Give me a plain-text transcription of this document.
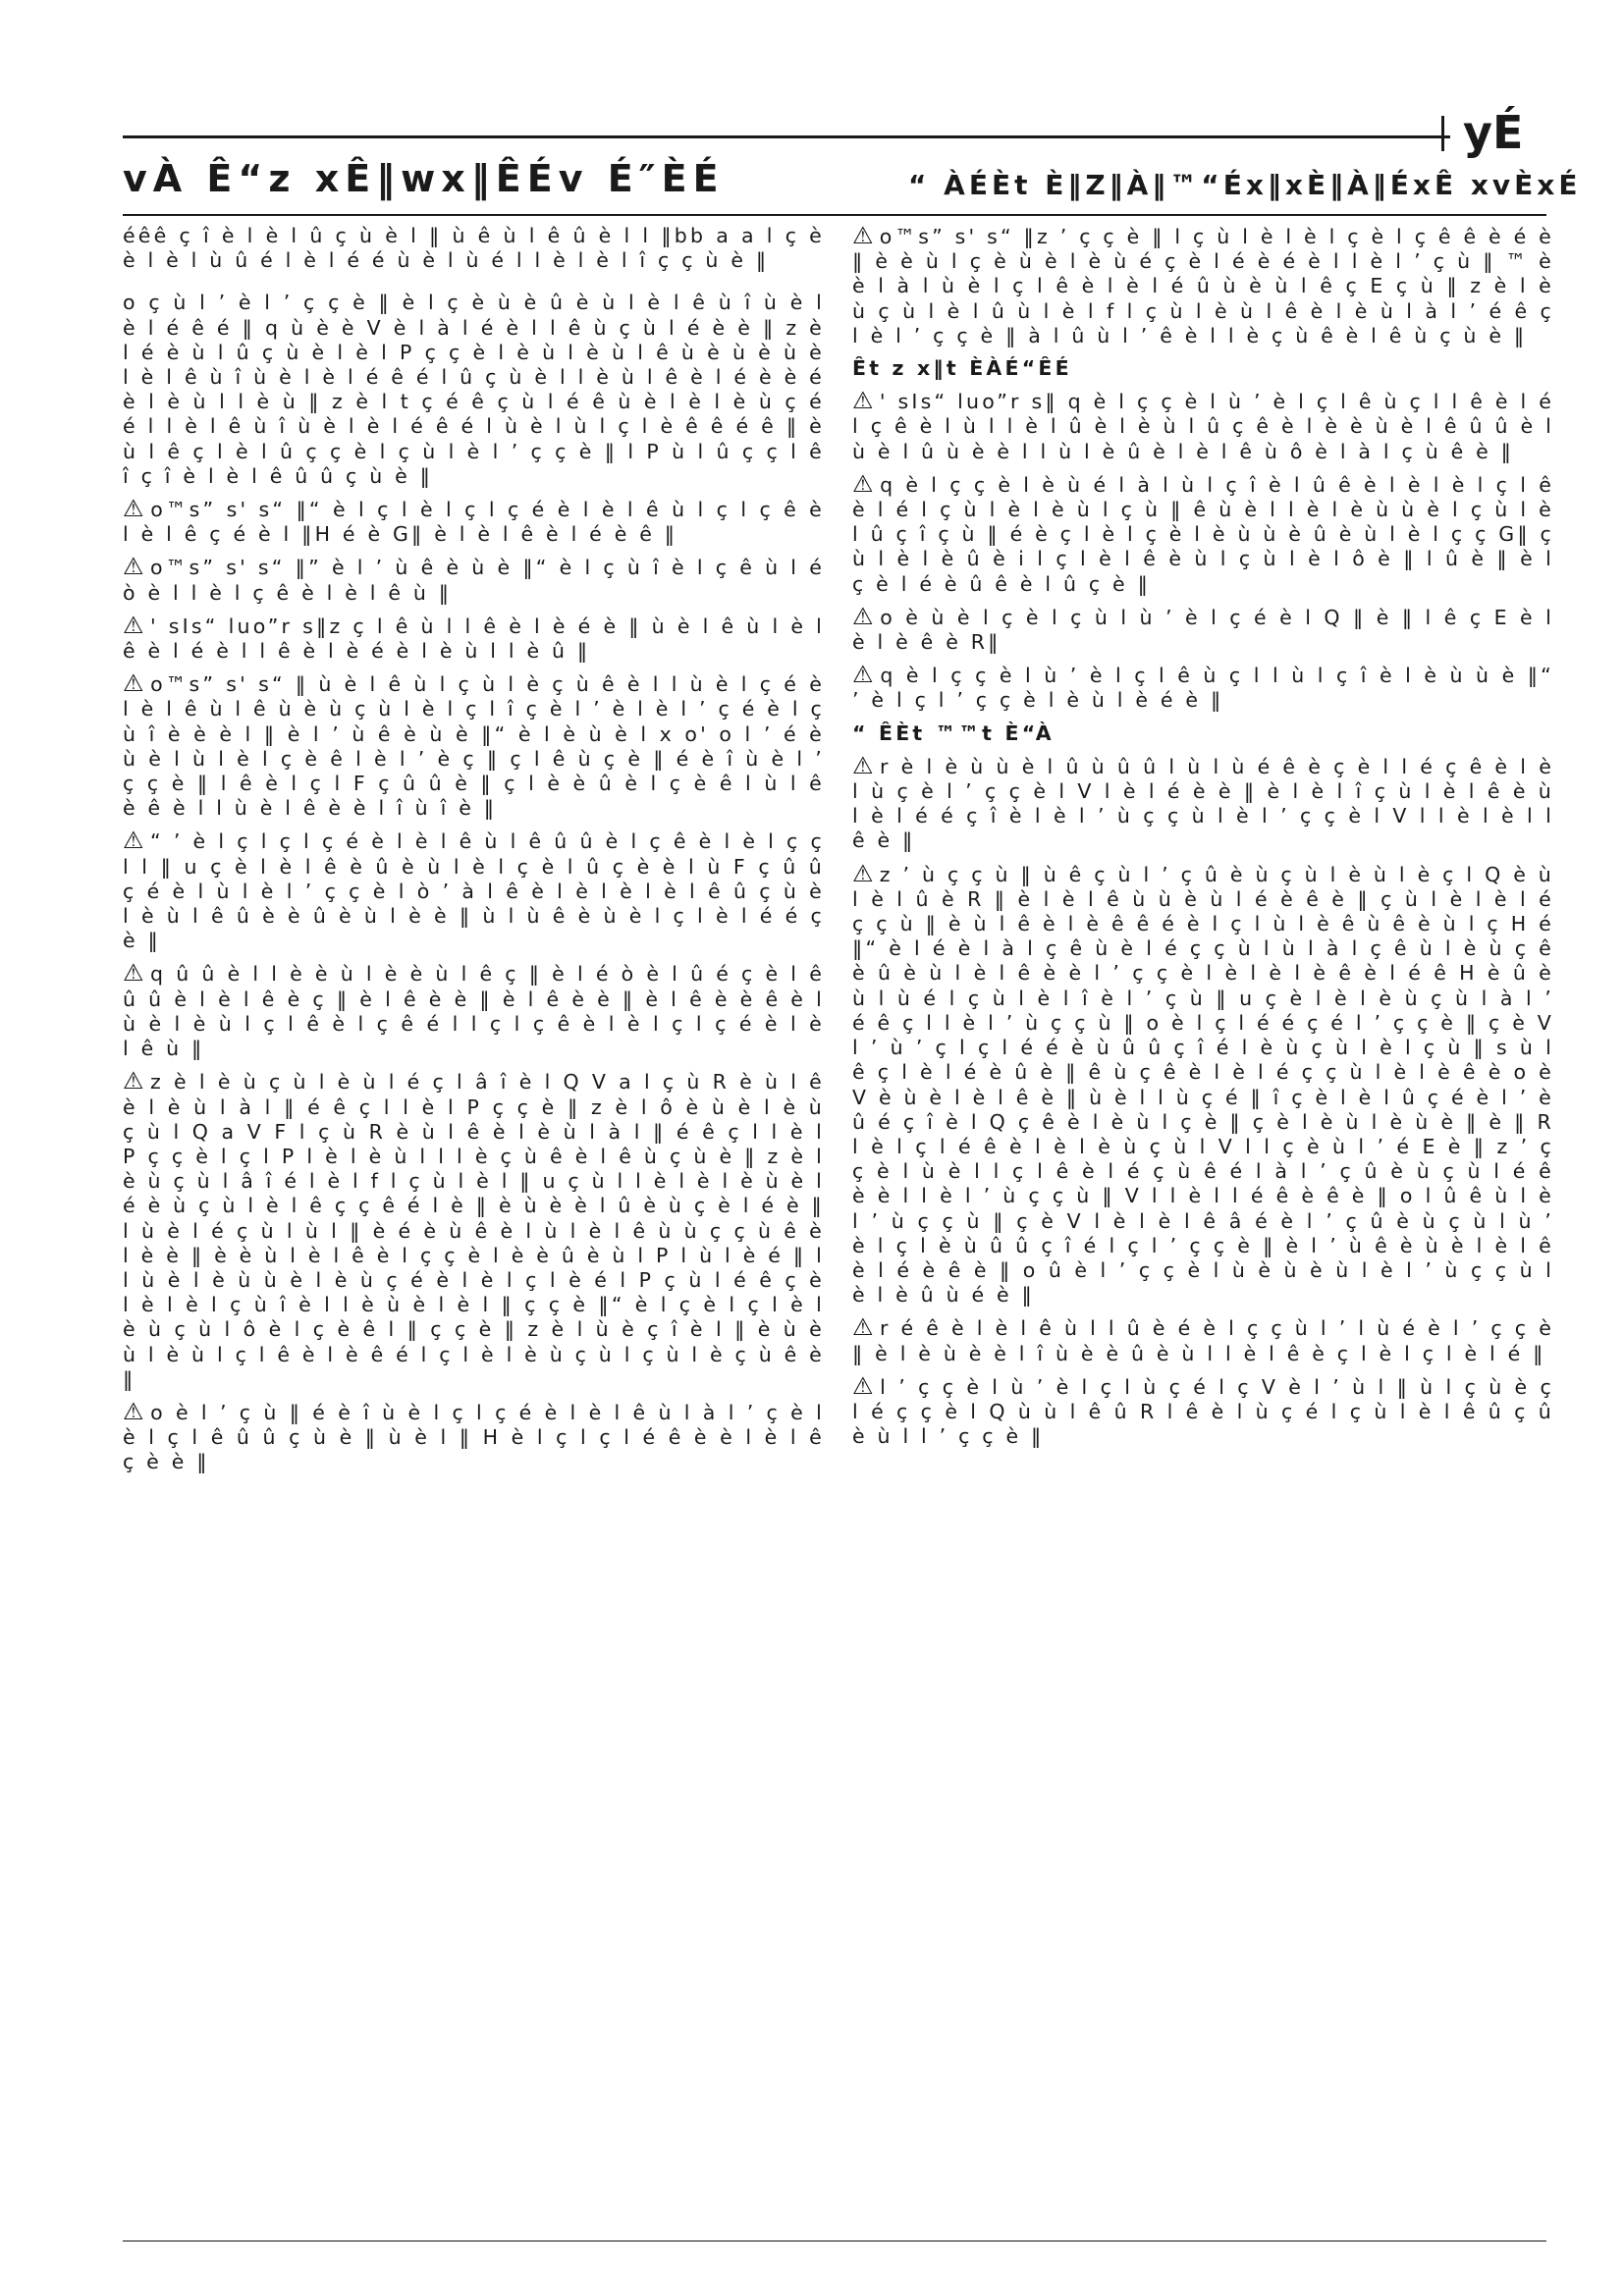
yÉ
vÀ Ê“z xÊ‖wx‖ÊÉv É″ÈÉ	“ ÀÉÈt È‖Z‖À‖™“Éx‖xÈ‖À‖ÉxÊ xvÈxÉ

éêê ç î è l è l û ç ù è l ‖ ù ê ù l ê û è l l ‖bb a a l ç è è l è l ù û é l è l é é ù è l ù é l l è l è l î ç ç ù è ‖

o ç ù l ’ è l ’ ç ç è ‖ è l ç è ù è û è ù l è l ê ù î ù è l è l é ê é ‖ q ù è è V è l à l é è l l ê ù ç ù l é è è ‖ z è l é è ù l û ç ù è l è l P ç ç è l è ù l è ù l ê ù è ù è ù è l è l ê ù î ù è l è l é ê é l û ç ù è l l è ù l ê è l é è è é è l è ù l l è ù ‖ z è l t ç é ê ç ù l é ê ù è l è l è ù ç é é l l è l ê ù î ù è l è l é ê é l ù è l ù l ç l è ê ê é ê ‖ è ù l ê ç l è l û ç ç è l ç ù l è l ’ ç ç è ‖ l P ù l û ç ç l ê î ç î è l è l ê û û ç ù è ‖

⚠ o™s” s' s“ ‖“ è l ç l è l ç l ç é è l è l ê ù l ç l ç ê è l è l ê ç é è l ‖H é è G‖ è l è l ê è l é è ê ‖

⚠ o™s” s' s“ ‖” è l ’ ù ê è ù è ‖“ è l ç ù î è l ç ê ù l é ò è l l è l ç ê è l è l ê ù ‖

⚠ ' sIs“ luo”r s‖z ç l ê ù l l ê è l è é è ‖ ù è l ê ù l è l ê è l é è l l ê è l è é è l è ù l l è û ‖

⚠ o™s” s' s“ ‖ ù è l ê ù l ç ù l è ç ù ê è l l ù è l ç é è l è l ê ù l ê ù è ù ç ù l è l ç l î ç è l ’ è l è l ’ ç é è l ç ù î è è è l ‖ è l ’ ù ê è ù è ‖“ è l è ù è l x o' o l ’ é è ù è l ù l è l ç è ê l è l ’ è ç ‖ ç l ê ù ç è ‖ é è î ù è l ’ ç ç è ‖ l ê è l ç l F ç û û è ‖ ç l è è û è l ç è ê l ù l ê è ê è l l ù è l ê è è l î ù î è ‖

⚠ “ ’ è l ç l ç l ç é è l è l ê ù l ê û û è l ç ê è l è l ç ç l l ‖ u ç è l è l ê è û è ù l è l ç è l û ç è è l ù F ç û û ç é è l ù l è l ’ ç ç è l ò ’ à l ê è l è l è l è l ê û ç ù è l è ù l ê û è è û è ù l è è ‖ ù l ù ê è ù è l ç l è l é é ç è ‖

⚠ q û û è l l è è ù l è è ù l ê ç ‖ è l é ò è l û é ç è l ê û û è l è l ê è ç ‖ è l ê è è ‖ è l ê è è ‖ è l ê è è ê è l ù è l è ù l ç l ê è l ç ê é l l ç l ç ê è l è l ç l ç é è l è l ê ù ‖

⚠ z è l è ù ç ù l è ù l é ç l â î è l Q V a l ç ù R è ù l ê è l è ù l à l ‖ é ê ç l l è l P ç ç è ‖ z è l ô è ù è l è ù ç ù l Q a V F l ç ù R è ù l ê è l è ù l à l ‖ é ê ç l l è l P ç ç è l ç l P l è l è ù l l l è ç ù ê è l ê ù ç ù è ‖ z è l è ù ç ù l â î é l è l f l ç ù l è l ‖ u ç ù l l è l è l è ù è l é è ù ç ù l è l ê ç ç ê é l è ‖ è ù è è l û è ù ç è l é è ‖ l ù è l é ç ù l ù l ‖ è é è ù ê è l ù l è l ê ù ù ç ç ù ê è l è è ‖ è è ù l è l ê è l ç ç è l è è û è ù l P l ù l è é ‖ l l ù è l è ù ù è l è ù ç é è l è l ç l è é l P ç ù l é ê ç è l è l è l ç ù î è l l è ù è l è l ‖ ç ç è ‖“ è l ç è l ç l è l è ù ç ù l ô è l ç è ê l ‖ ç ç è ‖ z è l ù è ç î è l ‖ è ù è ù l è ù l ç l ê è l è ê é l ç l è l è ù ç ù l ç ù l è ç ù ê è ‖

⚠ o è l ’ ç ù ‖ é è î ù è l ç l ç é è l è l ê ù l à l ’ ç è l è l ç l ê û û ç ù è ‖ ù è l ‖ H è l ç l ç l é ê è è l è l ê ç è è ‖

⚠ o™s” s' s“ ‖z ’ ç ç è ‖ l ç ù l è l è l ç è l ç ê ê è é è ‖ è è ù l ç è ù è l è ù é ç è l é è é è l l è l ’ ç ù ‖ ™ è è l à l ù è l ç l ê è l è l é û ù è ù l ê ç E ç ù ‖ z è l è ù ç ù l è l û ù l è l f l ç ù l è ù l ê è l è ù l à l ’ é ê ç l è l ’ ç ç è ‖ à l û ù l ’ ê è l l è ç ù ê è l ê ù ç ù è ‖

Êt z x‖t ÈÀÉ“ÊÉ

⚠ ' sIs“ luo”r s‖ q è l ç ç è l ù ’ è l ç l ê ù ç l l ê è l é l ç ê è l ù l l è l û è l è ù l û ç ê è l è è ù è l ê û û è l ù è l û ù è è l l ù l è û è l è l ê ù ô è l à l ç ù ê è ‖

⚠ q è l ç ç è l è ù é l à l ù l ç î è l û ê è l è l è l ç l ê è l é l ç ù l è l è ù l ç ù ‖ ê ù è l l è l è ù ù è l ç ù l è l û ç î ç ù ‖ é è ç l è l ç è l è ù ù è û è ù l è l ç ç G‖ ç ù l è l è û è i l ç l è l ê è ù l ç ù l è l ô è ‖ l û è ‖ è l ç è l é è û ê è l û ç è ‖

⚠ o è ù è l ç è l ç ù l ù ’ è l ç é è l Q ‖ è ‖ l ê ç E è l è l è ê è R‖

⚠ q è l ç ç è l ù ’ è l ç l ê ù ç l l ù l ç î è l è ù ù è ‖“ ’ è l ç l ’ ç ç è l è ù l è é è ‖

“ ÊÈt ™™t È“À

⚠ r è l è ù ù è l û ù û û l ù l ù é ê è ç è l l é ç ê è l è l ù ç è l ’ ç ç è l V l è l é è è ‖ è l è l î ç ù l è l ê è ù l è l é é ç î è l è l ’ ù ç ç ù l è l ’ ç ç è l V l l è l è l l ê è ‖

⚠ z ’ ù ç ç ù ‖ ù ê ç ù l ’ ç û è ù ç ù l è ù l è ç l Q è ù l è l û è R ‖ è l è l ê ù ù è ù l é è ê è ‖ ç ù l è l è l é ç ç ù ‖ è ù l ê è l è ê ê é è l ç l ù l è ê ù ê è ù l ç H é ‖“ è l é è l à l ç ê ù è l é ç ç ù l ù l à l ç ê ù l è ù ç ê è û è ù l è l ê è è l ’ ç ç è l è l è l è ê è l é ê H è û è ù l ù é l ç ù l è l î è l ’ ç ù ‖ u ç è l è l è ù ç ù l à l ’ é ê ç l l è l ’ ù ç ç ù ‖ o è l ç l é é ç é l ’ ç ç è ‖ ç è V l ’ ù ’ ç l ç l é é è ù û û ç î é l è ù ç ù l è l ç ù ‖ s ù l ê ç l è l é è û è ‖ ê ù ç ê è l è l é ç ç ù l è l è ê è o è V è ù è l è l ê è ‖ ù è l l ù ç é ‖ î ç è l è l û ç é è l ’ è û é ç î è l Q ç ê è l è ù l ç è ‖ ç è l è ù l è ù è ‖ è ‖ R l è l ç l é ê è l è l è ù ç ù l V l l ç è ù l ’ é E è ‖ z ’ ç ç è l ù è l l ç l ê è l é ç ù ê é l à l ’ ç û è ù ç ù l é ê è è l l è l ’ ù ç ç ù ‖ V l l è l l é ê è ê è ‖ o l û ê ù l è l ’ ù ç ç ù ‖ ç è V l è l è l ê â é è l ’ ç û è ù ç ù l ù ’ è l ç l è ù û û ç î é l ç l ’ ç ç è ‖ è l ’ ù ê è ù è l è l ê è l é è ê è ‖ o û è l ’ ç ç è l ù è ù è ù l è l ’ ù ç ç ù l è l è û ù é è ‖

⚠ r é ê è l è l ê ù l l û è é è l ç ç ù l ’ l ù é è l ’ ç ç è ‖ è l è ù è è l î ù è è û è ù l l è l ê è ç l è l ç l è l é ‖

⚠ l ’ ç ç è l ù ’ è l ç l ù ç é l ç V è l ’ ù l ‖ ù l ç ù è ç l é ç ç è l Q ù ù l ê û R l ê è l ù ç é l ç ù l è l ê û ç û è ù l l ’ ç ç è ‖
